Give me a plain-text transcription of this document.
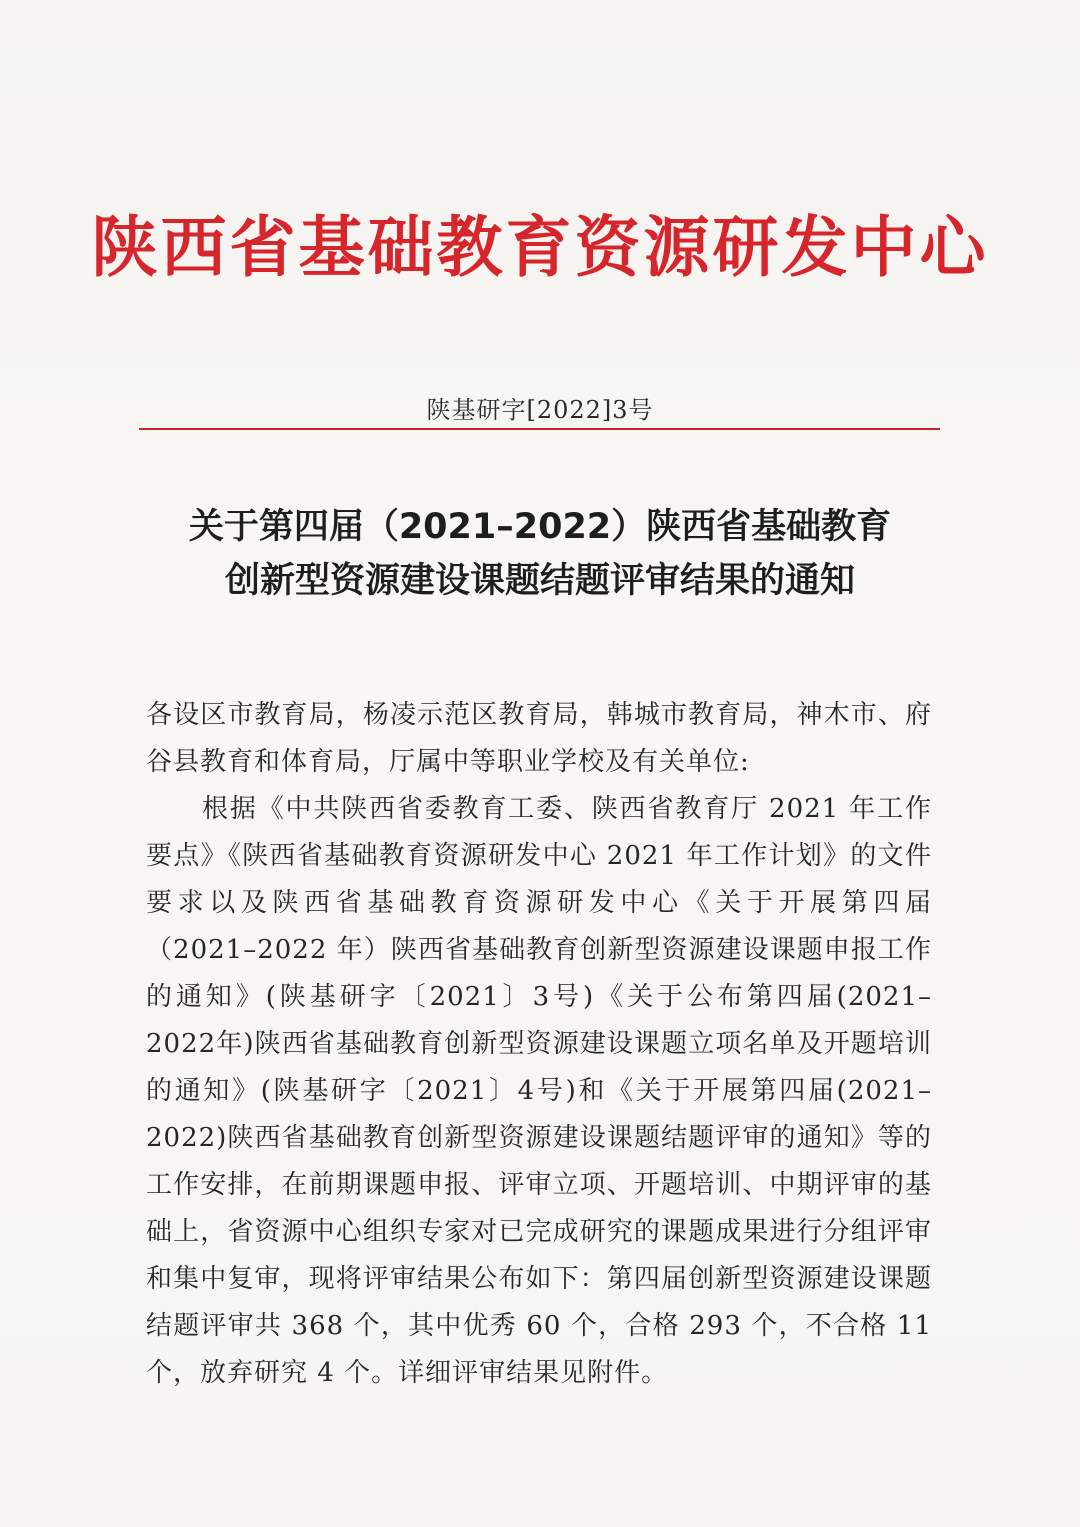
陕西省基础教育资源研发中心
陕基研字[2022]3号
关于第四届（2021–2022）陕西省基础教育
创新型资源建设课题结题评审结果的通知

各设区市教育局，杨凌示范区教育局，韩城市教育局，神木市、府谷县教育和体育局，厅属中等职业学校及有关单位:

根据《中共陕西省委教育工委、陕西省教育厅 2021 年工作要点》《陕西省基础教育资源研发中心 2021 年工作计划》的文件要求以及陕西省基础教育资源研发中心《关于开展第四届（2021–2022 年）陕西省基础教育创新型资源建设课题申报工作的通知》(陕基研字〔2021〕3号)《关于公布第四届(2021–2022年)陕西省基础教育创新型资源建设课题立项名单及开题培训的通知》(陕基研字〔2021〕4号)和《关于开展第四届(2021–2022)陕西省基础教育创新型资源建设课题结题评审的通知》等的工作安排，在前期课题申报、评审立项、开题培训、中期评审的基础上，省资源中心组织专家对已完成研究的课题成果进行分组评审和集中复审，现将评审结果公布如下：第四届创新型资源建设课题结题评审共 368 个，其中优秀 60 个，合格 293 个，不合格 11 个，放弃研究 4 个。详细评审结果见附件。
